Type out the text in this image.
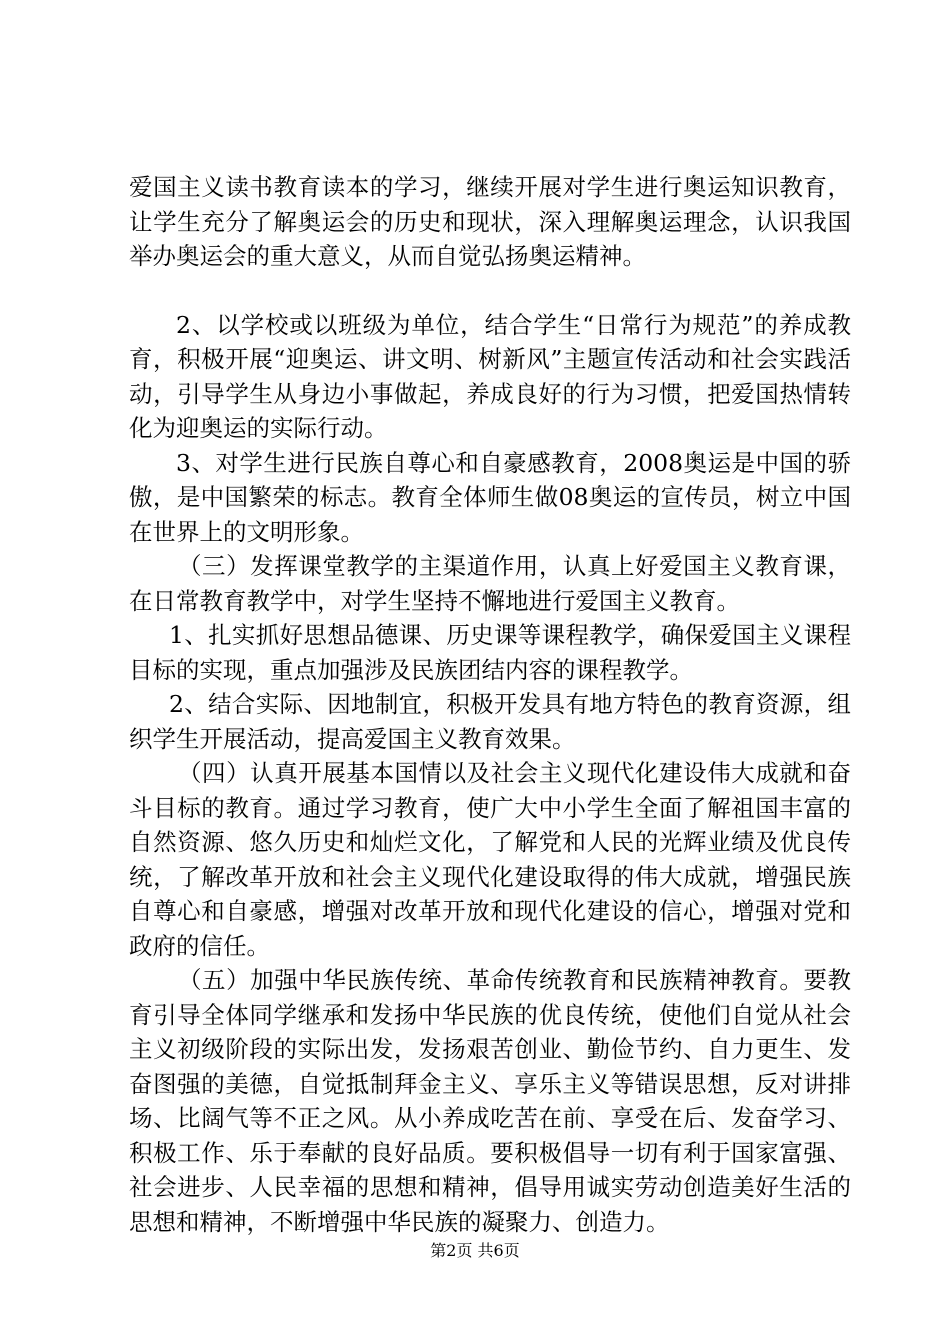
爱国主义读书教育读本的学习，继续开展对学生进行奥运知识教育，让学生充分了解奥运会的历史和现状，深入理解奥运理念，认识我国举办奥运会的重大意义，从而自觉弘扬奥运精神。

2、以学校或以班级为单位，结合学生“日常行为规范”的养成教育，积极开展“迎奥运、讲文明、树新风”主题宣传活动和社会实践活动，引导学生从身边小事做起，养成良好的行为习惯，把爱国热情转化为迎奥运的实际行动。

3、对学生进行民族自尊心和自豪感教育，2008奥运是中国的骄傲，是中国繁荣的标志。教育全体师生做08奥运的宣传员，树立中国在世界上的文明形象。

（三）发挥课堂教学的主渠道作用，认真上好爱国主义教育课，在日常教育教学中，对学生坚持不懈地进行爱国主义教育。

1、扎实抓好思想品德课、历史课等课程教学，确保爱国主义课程目标的实现，重点加强涉及民族团结内容的课程教学。

2、结合实际、因地制宜，积极开发具有地方特色的教育资源，组织学生开展活动，提高爱国主义教育效果。

（四）认真开展基本国情以及社会主义现代化建设伟大成就和奋斗目标的教育。通过学习教育，使广大中小学生全面了解祖国丰富的自然资源、悠久历史和灿烂文化，了解党和人民的光辉业绩及优良传统，了解改革开放和社会主义现代化建设取得的伟大成就，增强民族自尊心和自豪感，增强对改革开放和现代化建设的信心，增强对党和政府的信任。

（五）加强中华民族传统、革命传统教育和民族精神教育。要教育引导全体同学继承和发扬中华民族的优良传统，使他们自觉从社会主义初级阶段的实际出发，发扬艰苦创业、勤俭节约、自力更生、发奋图强的美德，自觉抵制拜金主义、享乐主义等错误思想，反对讲排场、比阔气等不正之风。从小养成吃苦在前、享受在后、发奋学习、积极工作、乐于奉献的良好品质。要积极倡导一切有利于国家富强、社会进步、人民幸福的思想和精神，倡导用诚实劳动创造美好生活的思想和精神，不断增强中华民族的凝聚力、创造力。

第2页 共6页
